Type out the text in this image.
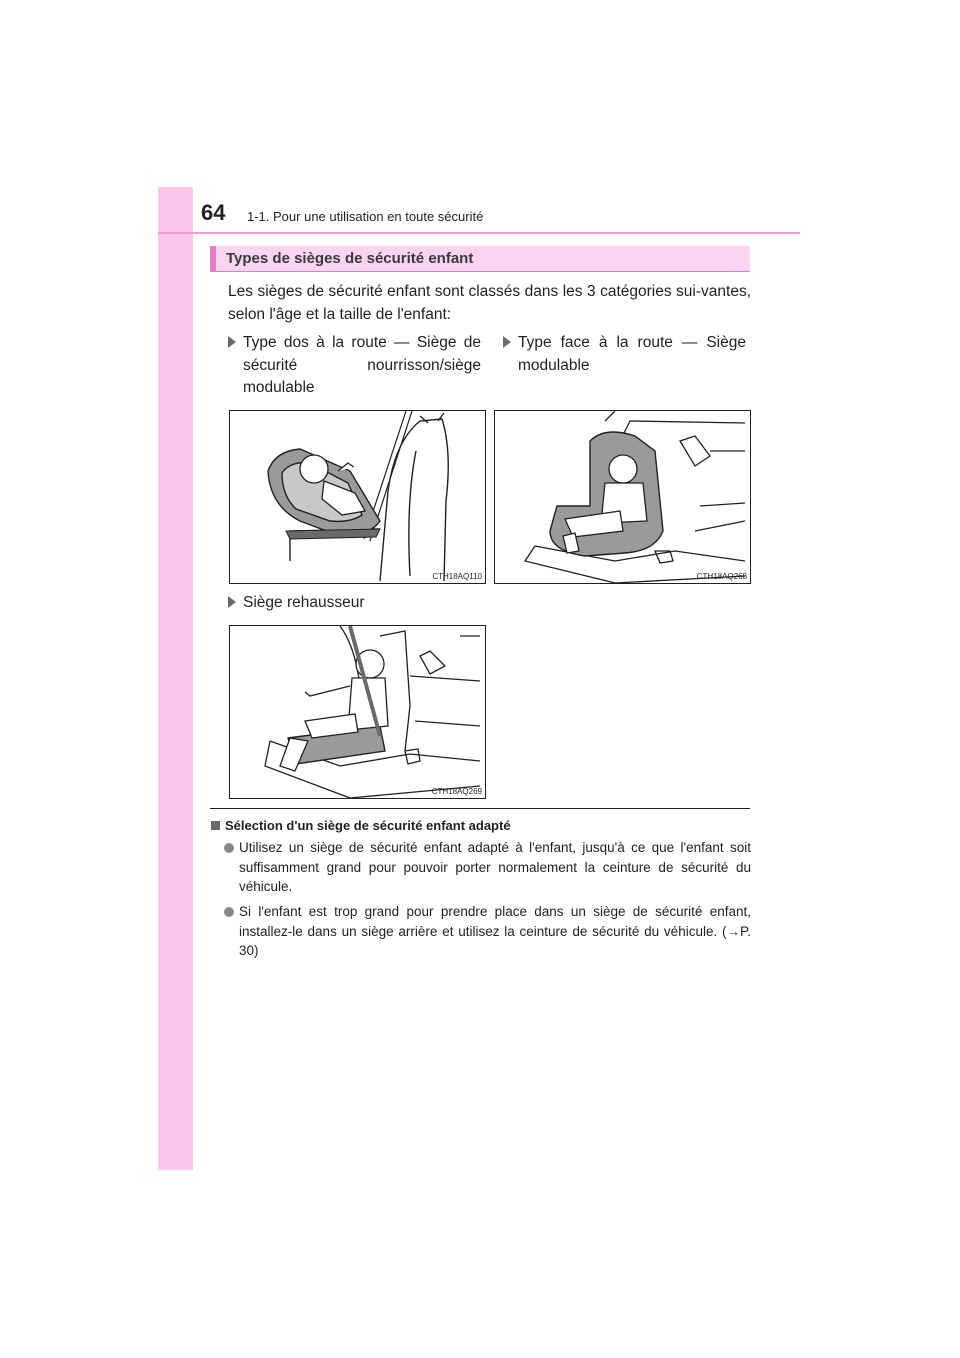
64 1-1. Pour une utilisation en toute sécurité
Types de sièges de sécurité enfant
Les sièges de sécurité enfant sont classés dans les 3 catégories sui-vantes, selon l'âge et la taille de l'enfant:
Type dos à la route — Siège de sécurité nourrisson/siège modulable
Type face à la route — Siège modulable
CTH18AQ110	CTH18AQ268
Siège rehausseur
CTH18AQ269
Sélection d'un siège de sécurité enfant adapté
Utilisez un siège de sécurité enfant adapté à l'enfant, jusqu'à ce que l'enfant soit suffisamment grand pour pouvoir porter normalement la ceinture de sécurité du véhicule.
Si l'enfant est trop grand pour prendre place dans un siège de sécurité enfant, installez-le dans un siège arrière et utilisez la ceinture de sécurité du véhicule. (→P. 30)
